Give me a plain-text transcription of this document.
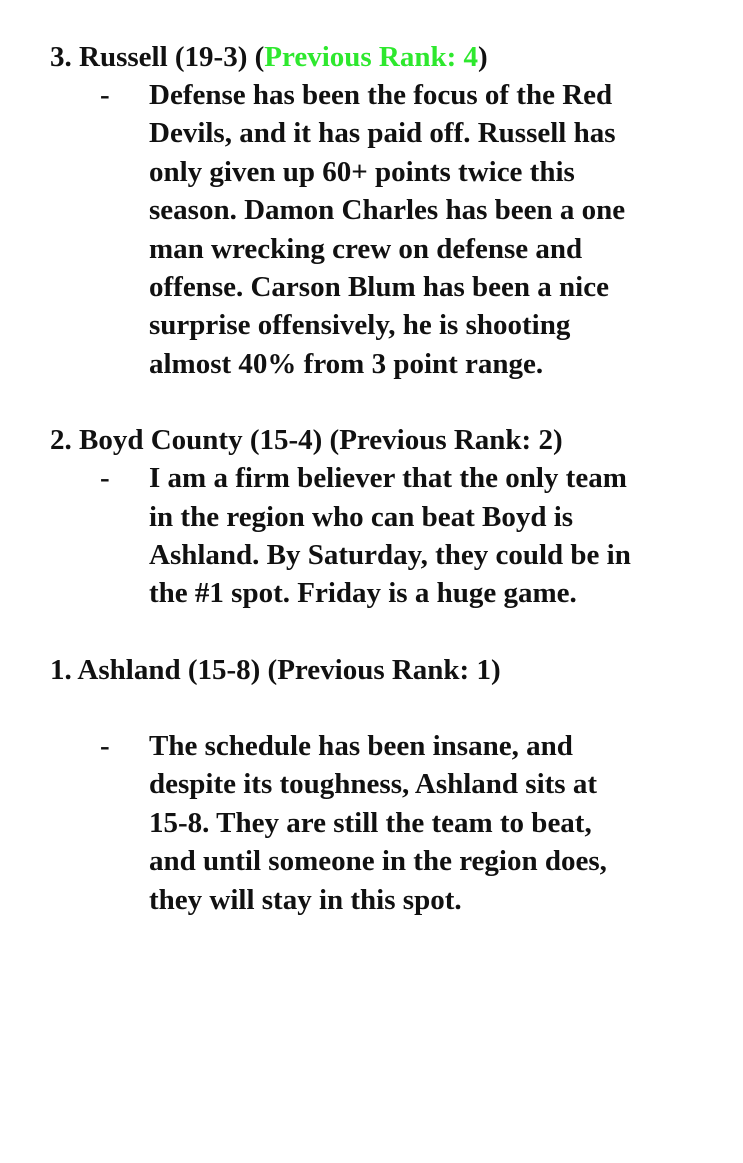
3. Russell (19-3) (Previous Rank: 4)
-	Defense has been the focus of the Red
Devils, and it has paid off. Russell has
only given up 60+ points twice this
season. Damon Charles has been a one
man wrecking crew on defense and
offense. Carson Blum has been a nice
surprise offensively, he is shooting
almost 40% from 3 point range.
2. Boyd County (15-4) (Previous Rank: 2)
-	I am a firm believer that the only team
in the region who can beat Boyd is
Ashland. By Saturday, they could be in
the #1 spot. Friday is a huge game.
1. Ashland (15-8) (Previous Rank: 1)
-	The schedule has been insane, and
despite its toughness, Ashland sits at
15-8. They are still the team to beat,
and until someone in the region does,
they will stay in this spot.
